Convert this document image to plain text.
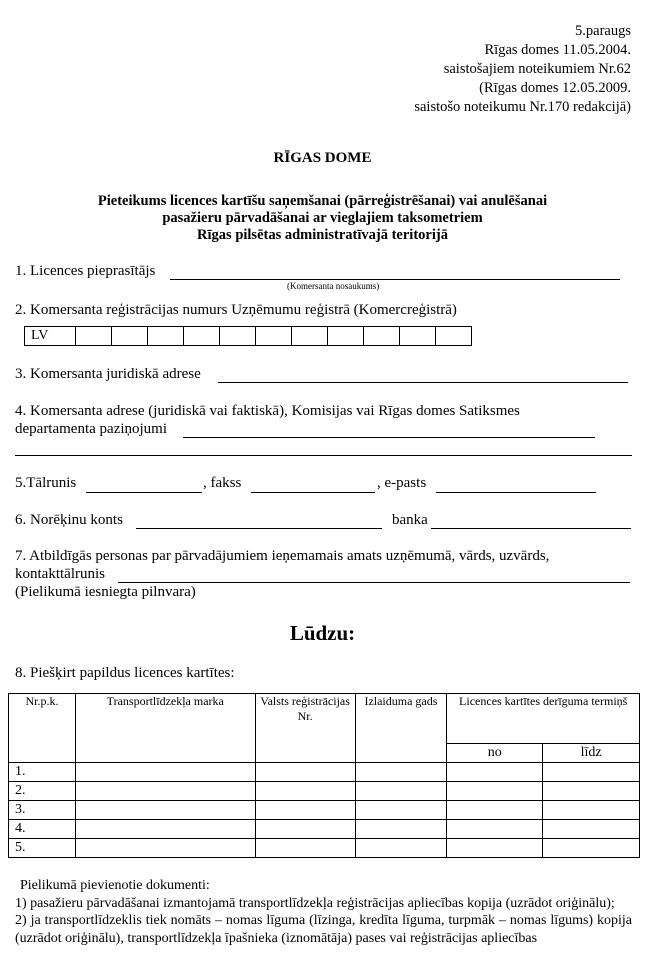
5.paraugs
Rīgas domes 11.05.2004.
saistošajiem noteikumiem Nr.62
(Rīgas domes 12.05.2009.
saistošo noteikumu Nr.170 redakcijā)
RĪGAS DOME
Pieteikums licences kartīšu saņemšanai (pārreģistrēšanai) vai anulēšanai
pasažieru pārvadāšanai ar vieglajiem taksometriem
Rīgas pilsētas administratīvajā teritorijā
1. Licences pieprasītājs
(Komersanta nosaukums)
2. Komersanta reģistrācijas numurs Uzņēmumu reģistrā (Komercreģistrā)
LV											
3. Komersanta juridiskā adrese
4. Komersanta adrese (juridiskā vai faktiskā), Komisijas vai Rīgas domes Satiksmes
departamenta paziņojumi
5.Tālrunis	, fakss	, e-pasts
6. Norēķinu konts	banka
7. Atbildīgās personas par pārvadājumiem ieņemamais amats uzņēmumā, vārds, uzvārds,
kontakttālrunis
(Pielikumā iesniegta pilnvara)
Lūdzu:
8. Piešķirt papildus licences kartītes:
Nr.p.k.	Transportlīdzekļa marka	Valsts reģistrācijas Nr.	Izlaiduma gads	Licences kartītes derīguma termiņš	
				no	līdz
1.					
2.					
3.					
4.					
5.					

Pielikumā pievienotie dokumenti:

1) pasažieru pārvadāšanai izmantojamā transportlīdzekļa reģistrācijas apliecības kopija (uzrādot oriģinālu);

2) ja transportlīdzeklis tiek nomāts – nomas līguma (līzinga, kredīta līguma, turpmāk – nomas līgums) kopija (uzrādot oriģinālu), transportlīdzekļa īpašnieka (iznomātāja) pases vai reģistrācijas apliecības
